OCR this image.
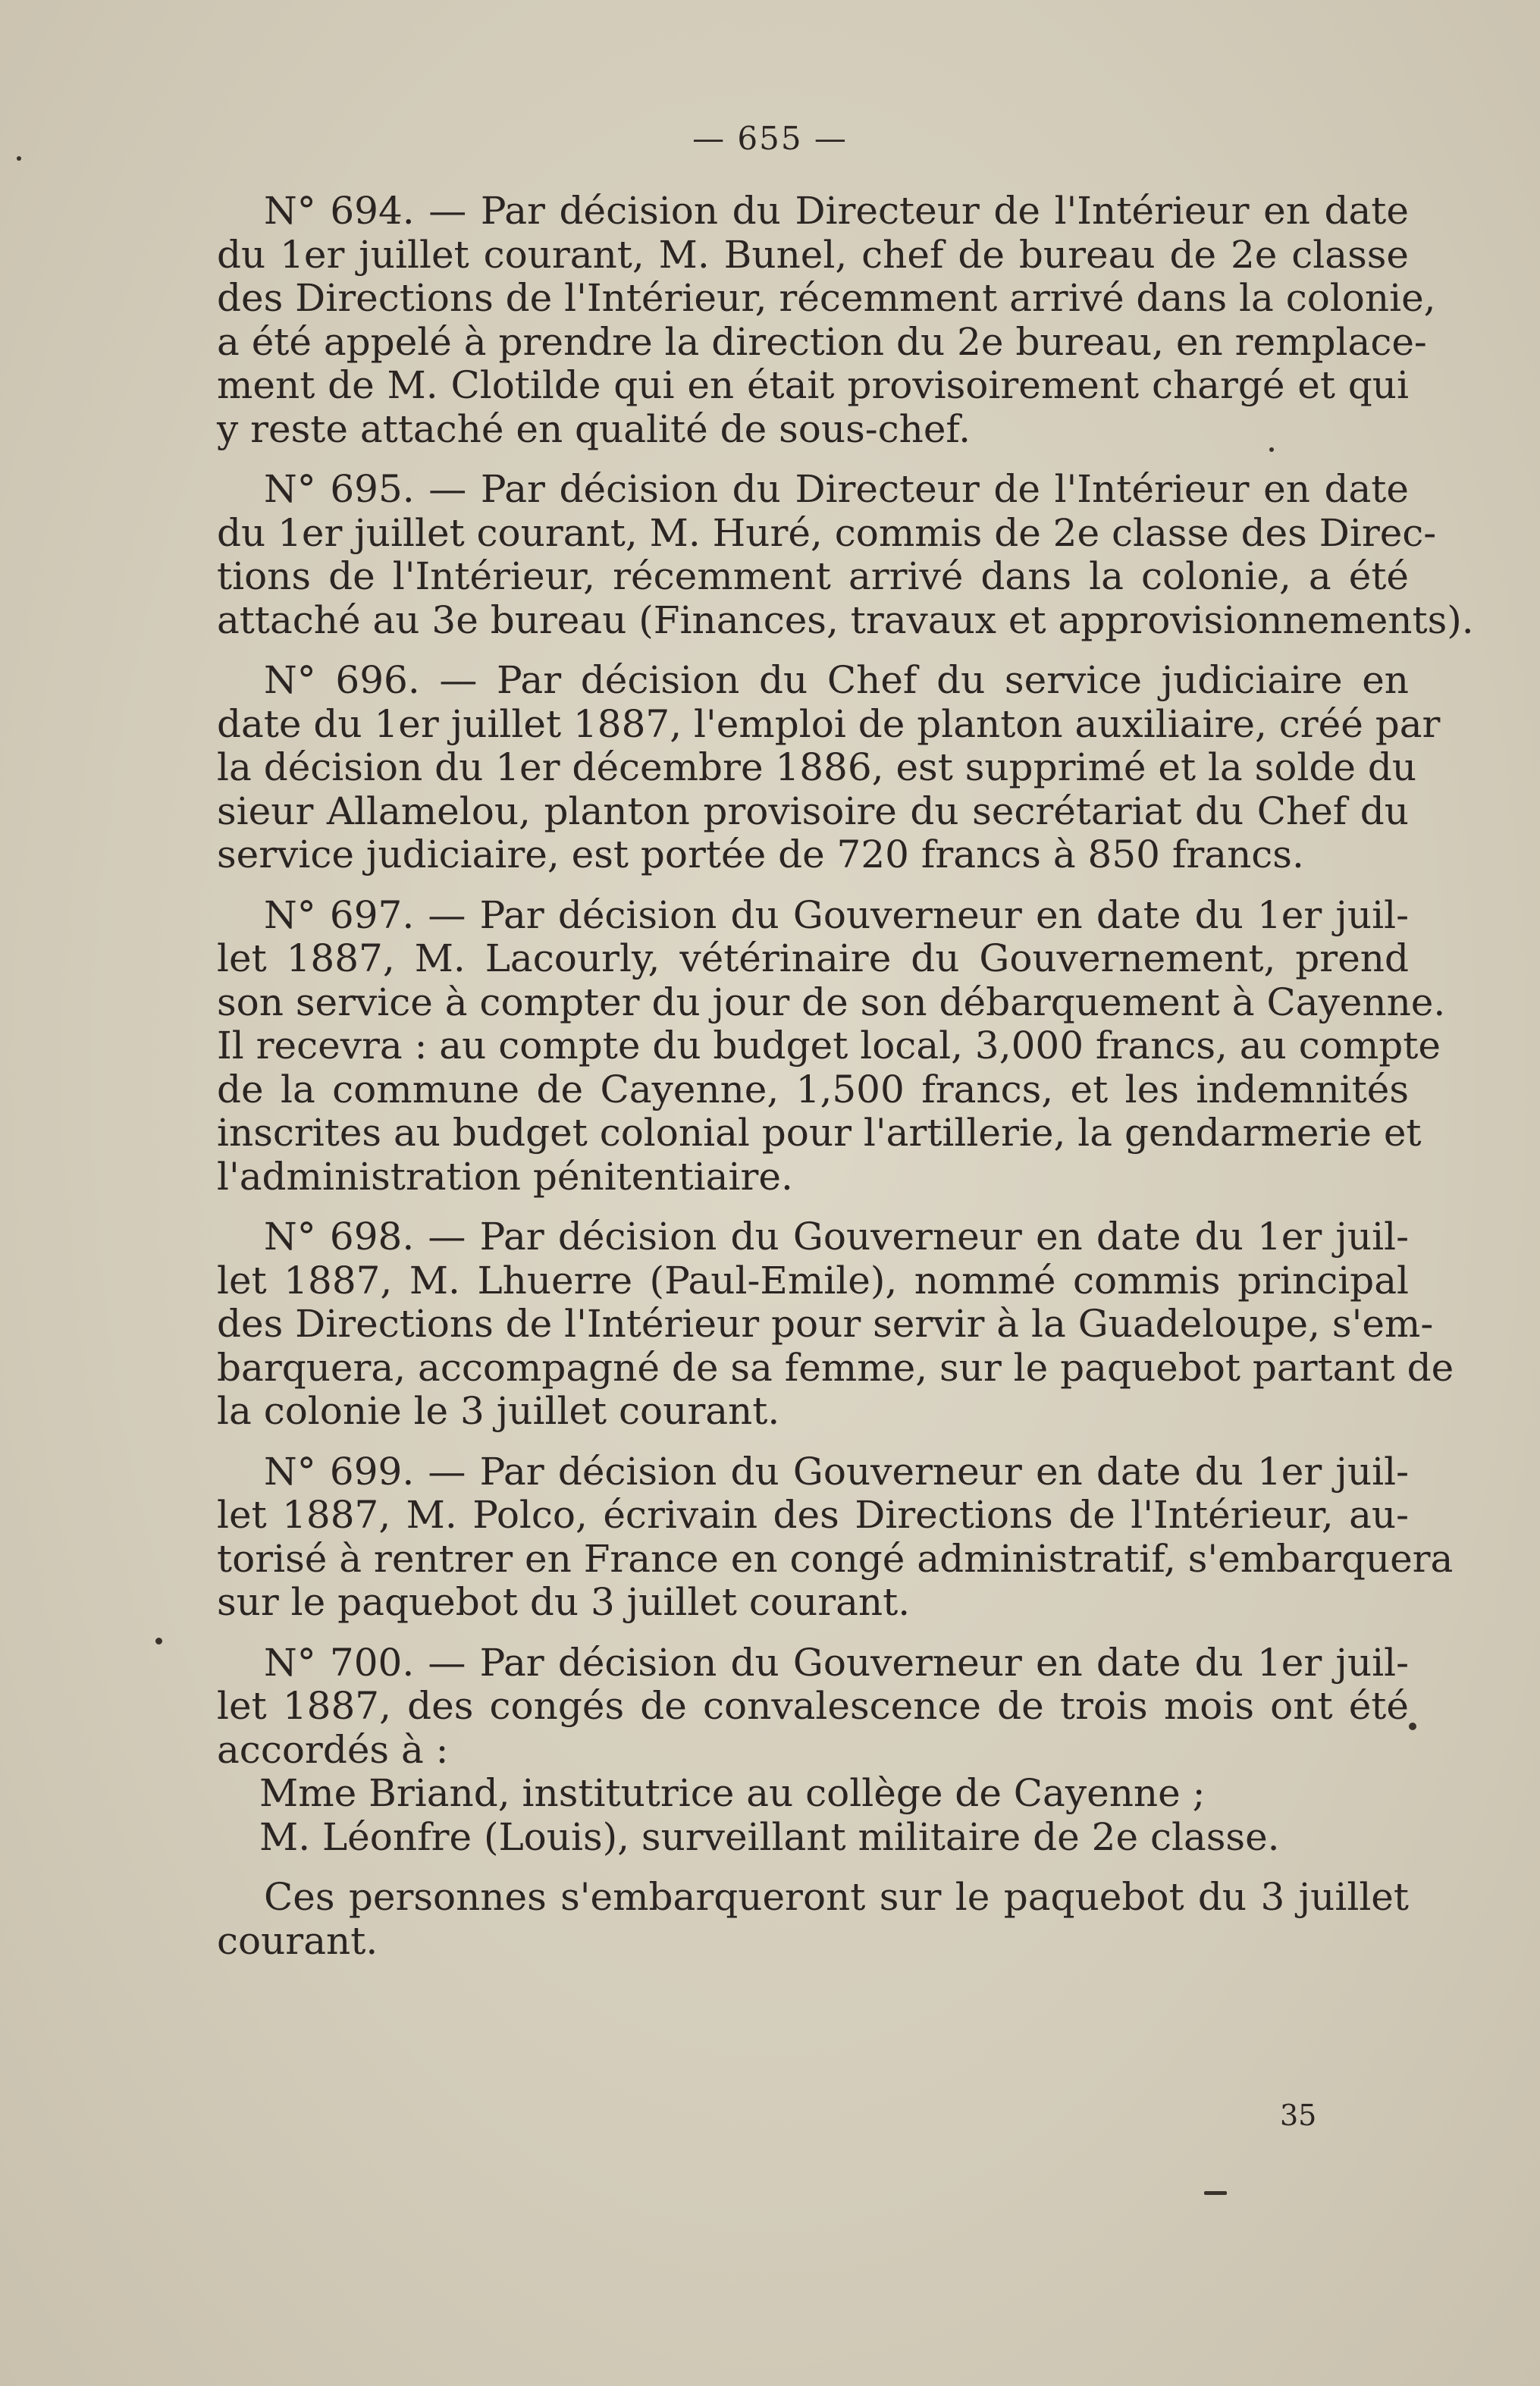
— 655 —
N° 694. — Par décision du Directeur de l'Intérieur en date
du 1er juillet courant, M. Bunel, chef de bureau de 2e classe
des Directions de l'Intérieur, récemment arrivé dans la colonie,
a été appelé à prendre la direction du 2e bureau, en remplace-
ment de M. Clotilde qui en était provisoirement chargé et qui
y reste attaché en qualité de sous-chef.
N° 695. — Par décision du Directeur de l'Intérieur en date
du 1er juillet courant, M. Huré, commis de 2e classe des Direc-
tions de l'Intérieur, récemment arrivé dans la colonie, a été
attaché au 3e bureau (Finances, travaux et approvisionnements).
N° 696. — Par décision du Chef du service judiciaire en
date du 1er juillet 1887, l'emploi de planton auxiliaire, créé par
la décision du 1er décembre 1886, est supprimé et la solde du
sieur Allamelou, planton provisoire du secrétariat du Chef du
service judiciaire, est portée de 720 francs à 850 francs.
N° 697. — Par décision du Gouverneur en date du 1er juil-
let 1887, M. Lacourly, vétérinaire du Gouvernement, prend
son service à compter du jour de son débarquement à Cayenne.
Il recevra : au compte du budget local, 3,000 francs, au compte
de la commune de Cayenne, 1,500 francs, et les indemnités
inscrites au budget colonial pour l'artillerie, la gendarmerie et
l'administration pénitentiaire.
N° 698. — Par décision du Gouverneur en date du 1er juil-
let 1887, M. Lhuerre (Paul-Emile), nommé commis principal
des Directions de l'Intérieur pour servir à la Guadeloupe, s'em-
barquera, accompagné de sa femme, sur le paquebot partant de
la colonie le 3 juillet courant.
N° 699. — Par décision du Gouverneur en date du 1er juil-
let 1887, M. Polco, écrivain des Directions de l'Intérieur, au-
torisé à rentrer en France en congé administratif, s'embarquera
sur le paquebot du 3 juillet courant.
N° 700. — Par décision du Gouverneur en date du 1er juil-
let 1887, des congés de convalescence de trois mois ont été
accordés à :
Mme Briand, institutrice au collège de Cayenne ;
M. Léonfre (Louis), surveillant militaire de 2e classe.
Ces personnes s'embarqueront sur le paquebot du 3 juillet
courant.
35
